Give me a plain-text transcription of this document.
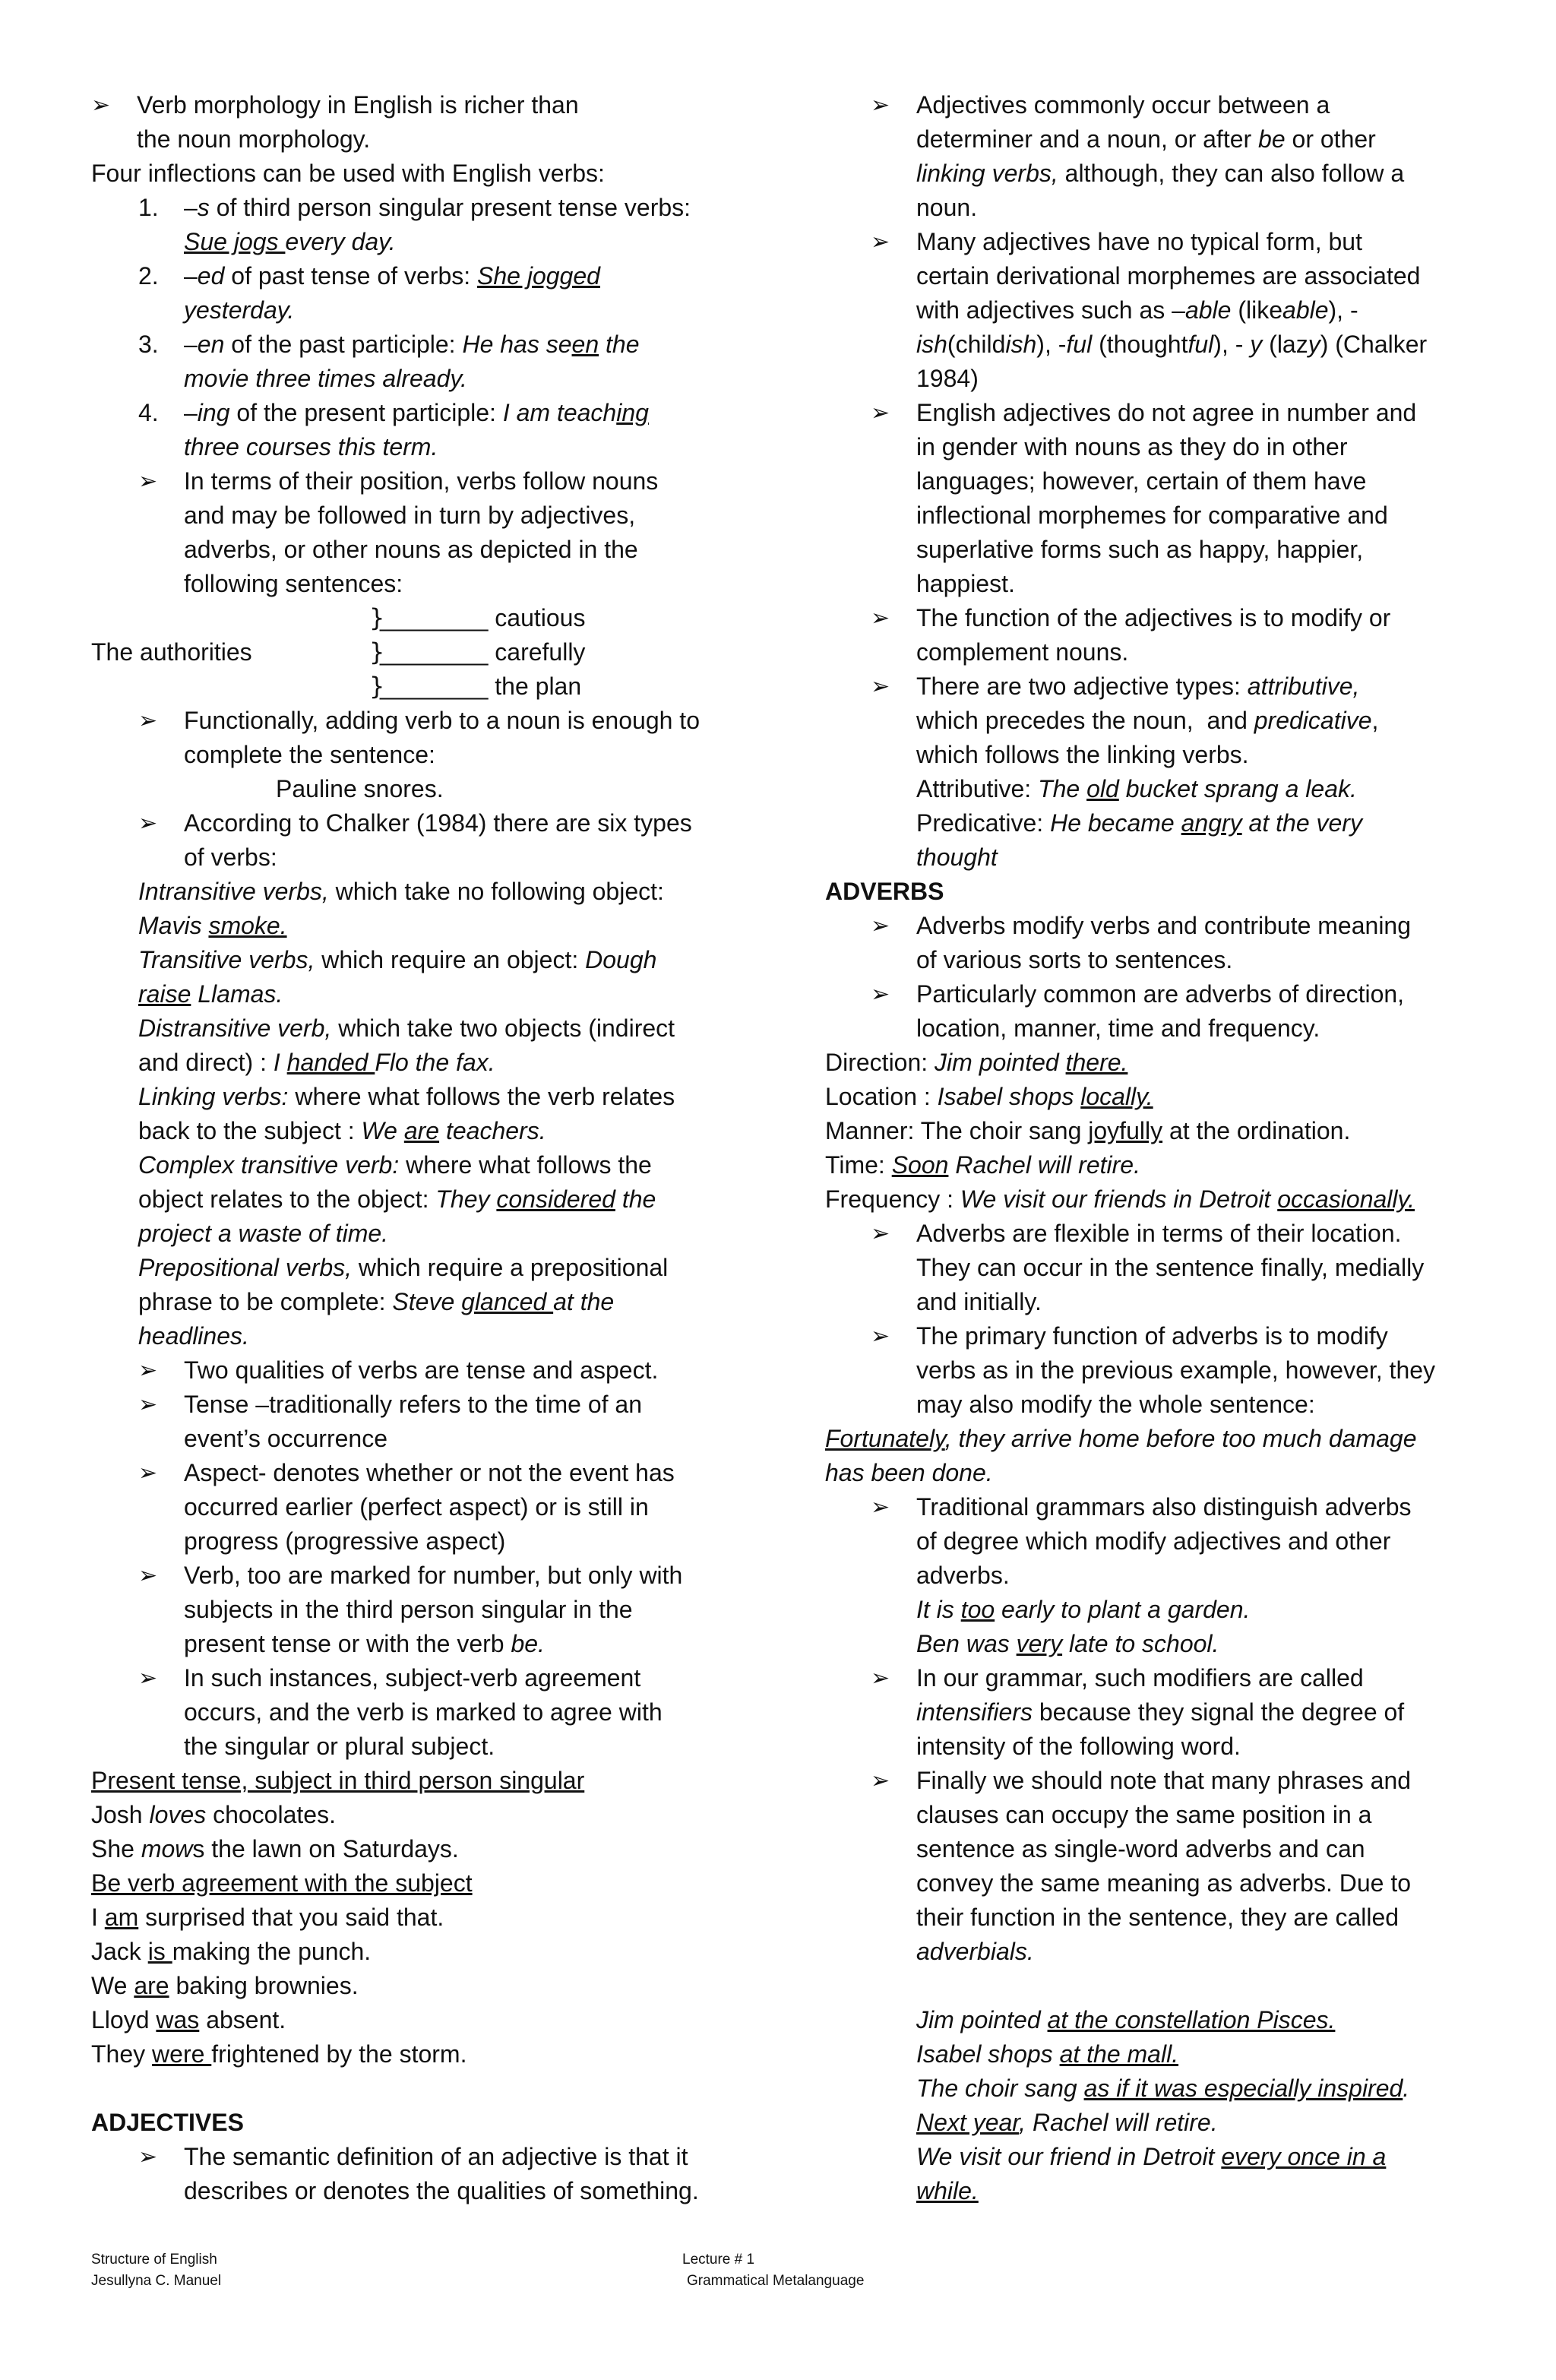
➢ Verb morphology in English is richer than
the noun morphology.
Four inflections can be used with English verbs:
1. –s of third person singular present tense verbs:
Sue jogs every day.
2. –ed of past tense of verbs: She jogged
yesterday.
3. –en of the past participle: He has seen the
movie three times already.
4. –ing of the present participle: I am teaching
three courses this term.
➢ In terms of their position, verbs follow nouns
and may be followed in turn by adjectives,
adverbs, or other nouns as depicted in the
following sentences:
}________ cautious
The authorities	}________ carefully
}________ the plan
➢ Functionally, adding verb to a noun is enough to
complete the sentence:
Pauline snores.
➢ According to Chalker (1984) there are six types
of verbs:
Intransitive verbs, which take no following object:
Mavis smoke.
Transitive verbs, which require an object: Dough
raise Llamas.
Distransitive verb, which take two objects (indirect
and direct) : I handed Flo the fax.
Linking verbs: where what follows the verb relates
back to the subject : We are teachers.
Complex transitive verb: where what follows the
object relates to the object: They considered the
project a waste of time.
Prepositional verbs, which require a prepositional
phrase to be complete: Steve glanced at the
headlines.
➢ Two qualities of verbs are tense and aspect.
➢ Tense –traditionally refers to the time of an
event’s occurrence
➢ Aspect- denotes whether or not the event has
occurred earlier (perfect aspect) or is still in
progress (progressive aspect)
➢ Verb, too are marked for number, but only with
subjects in the third person singular in the
present tense or with the verb be.
➢ In such instances, subject-verb agreement
occurs, and the verb is marked to agree with
the singular or plural subject.
Present tense, subject in third person singular
Josh loves chocolates.
She mows the lawn on Saturdays.
Be verb agreement with the subject
I am surprised that you said that.
Jack is making the punch.
We are baking brownies.
Lloyd was absent.
They were frightened by the storm.
ADJECTIVES
➢ The semantic definition of an adjective is that it
describes or denotes the qualities of something.
➢ Adjectives commonly occur between a
determiner and a noun, or after be or other
linking verbs, although, they can also follow a
noun.
➢ Many adjectives have no typical form, but
certain derivational morphemes are associated
with adjectives such as –able (likeable), -
ish(childish), -ful (thoughtful), - y (lazy) (Chalker
1984)
➢ English adjectives do not agree in number and
in gender with nouns as they do in other
languages; however, certain of them have
inflectional morphemes for comparative and
superlative forms such as happy, happier,
happiest.
➢ The function of the adjectives is to modify or
complement nouns.
➢ There are two adjective types: attributive,
which precedes the noun,  and predicative,
which follows the linking verbs.
Attributive: The old bucket sprang a leak.
Predicative: He became angry at the very
thought
ADVERBS
➢ Adverbs modify verbs and contribute meaning
of various sorts to sentences.
➢ Particularly common are adverbs of direction,
location, manner, time and frequency.
Direction: Jim pointed there.
Location : Isabel shops locally.
Manner: The choir sang joyfully at the ordination.
Time: Soon Rachel will retire.
Frequency : We visit our friends in Detroit occasionally.
➢ Adverbs are flexible in terms of their location.
They can occur in the sentence finally, medially
and initially.
➢ The primary function of adverbs is to modify
verbs as in the previous example, however, they
may also modify the whole sentence:
Fortunately, they arrive home before too much damage
has been done.
➢ Traditional grammars also distinguish adverbs
of degree which modify adjectives and other
adverbs.
It is too early to plant a garden.
Ben was very late to school.
➢ In our grammar, such modifiers are called
intensifiers because they signal the degree of
intensity of the following word.
➢ Finally we should note that many phrases and
clauses can occupy the same position in a
sentence as single-word adverbs and can
convey the same meaning as adverbs. Due to
their function in the sentence, they are called
adverbials.
Jim pointed at the constellation Pisces.
Isabel shops at the mall.
The choir sang as if it was especially inspired.
Next year, Rachel will retire.
We visit our friend in Detroit every once in a
while.
Structure of English
Jesullyna C. Manuel
Lecture # 1
Grammatical Metalanguage
